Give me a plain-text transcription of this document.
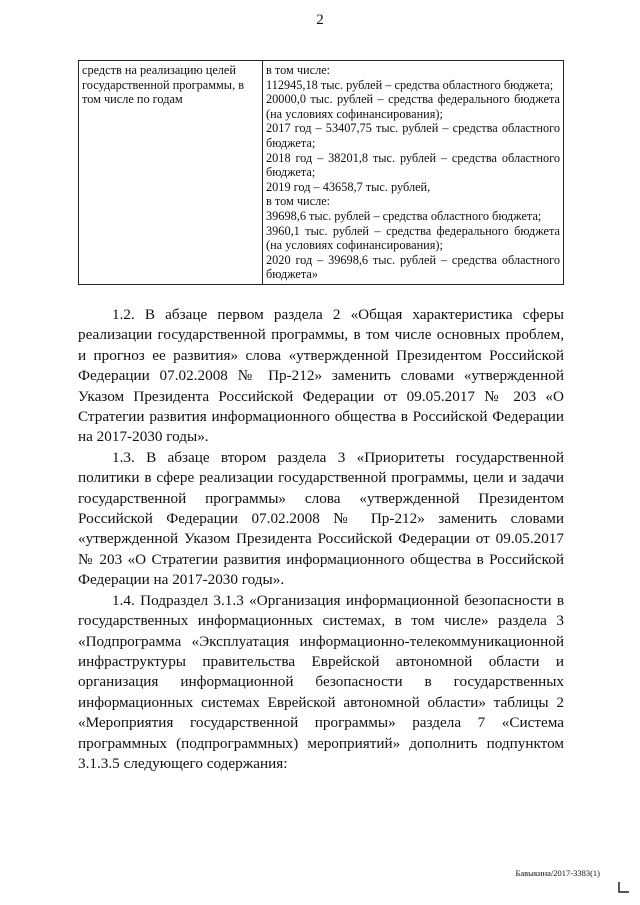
2
средств на реализацию целей государственной программы, в том числе по годам	
в том числе:
112945,18 тыс. рублей – средства областного бюджета;
20000,0 тыс. рублей – средства федерального бюджета (на условиях софинансирования);
2017 год – 53407,75 тыс. рублей – средства областного бюджета;
2018 год – 38201,8 тыс. рублей – средства областного бюджета;
2019 год – 43658,7 тыс. рублей,
в том числе:
39698,6 тыс. рублей – средства областного бюджета;
3960,1 тыс. рублей – средства федерального бюджета (на условиях софинансирования);
2020 год – 39698,6 тыс. рублей – средства областного бюджета»

1.2. В абзаце первом раздела 2 «Общая характеристика сферы реализации государственной программы, в том числе основных проблем, и прогноз ее развития» слова «утвержденной Президентом Российской Федерации 07.02.2008 № Пр-212» заменить словами «утвержденной Указом Президента Российской Федерации от 09.05.2017 № 203 «О Стратегии развития информационного общества в Российской Федерации на 2017-2030 годы».

1.3. В абзаце втором раздела 3 «Приоритеты государственной политики в сфере реализации государственной программы, цели и задачи государственной программы» слова «утвержденной Президентом Российской Федерации 07.02.2008 № Пр-212» заменить словами «утвержденной Указом Президента Российской Федерации от 09.05.2017 № 203 «О Стратегии развития информационного общества в Российской Федерации на 2017-2030 годы».

1.4. Подраздел 3.1.3 «Организация информационной безопасности в государственных информационных системах, в том числе» раздела 3 «Подпрограмма «Эксплуатация информационно-телекоммуникационной инфраструктуры правительства Еврейской автономной области и организация информационной безопасности в государственных информационных системах Еврейской автономной области» таблицы 2 «Мероприятия государственной программы» раздела 7 «Система программных (подпрограммных) мероприятий» дополнить подпунктом 3.1.3.5 следующего содержания:

Бавыкина/2017-3383(1)
